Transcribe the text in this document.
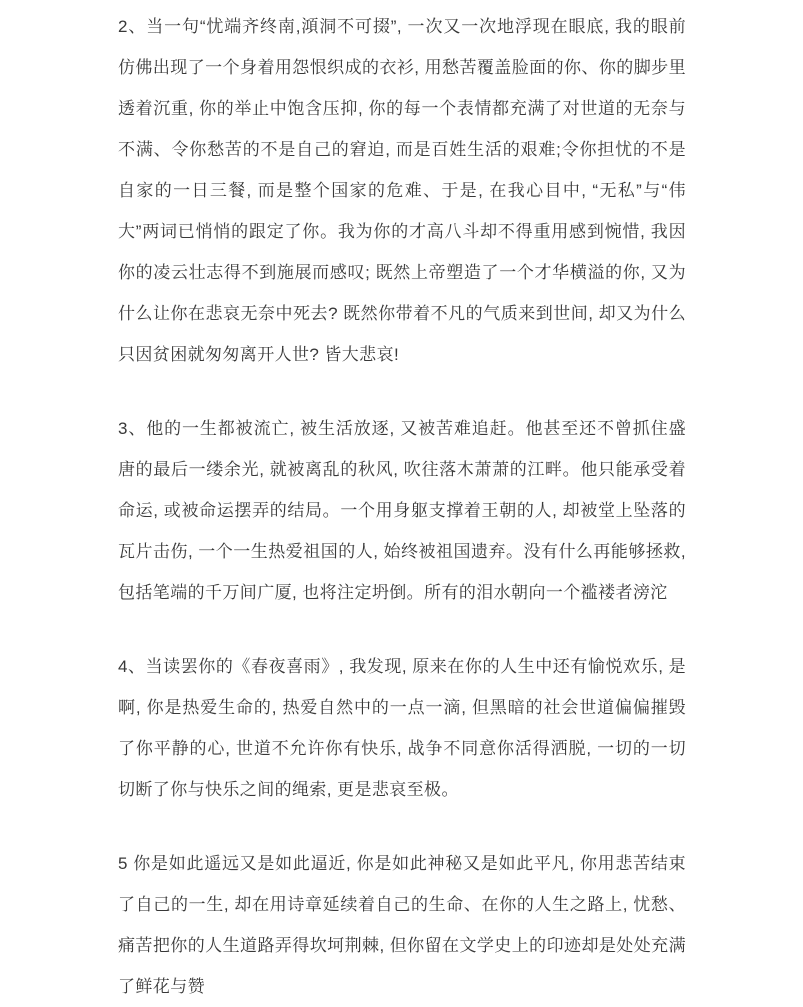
2、当一句“忧端齐终南,澒洞不可掇”, 一次又一次地浮现在眼底, 我的眼前仿佛出现了一个身着用怨恨织成的衣衫, 用愁苦覆盖脸面的你、你的脚步里透着沉重, 你的举止中饱含压抑, 你的每一个表情都充满了对世道的无奈与不满、令你愁苦的不是自己的窘迫, 而是百姓生活的艰难;令你担忧的不是自家的一日三餐, 而是整个国家的危难、于是, 在我心目中, “无私”与“伟大”两词已悄悄的跟定了你。我为你的才高八斗却不得重用感到惋惜, 我因你的凌云壮志得不到施展而感叹; 既然上帝塑造了一个才华横溢的你, 又为什么让你在悲哀无奈中死去? 既然你带着不凡的气质来到世间, 却又为什么只因贫困就匆匆离开人世? 皆大悲哀!

3、他的一生都被流亡, 被生活放逐, 又被苦难追赶。他甚至还不曾抓住盛唐的最后一缕余光, 就被离乱的秋风, 吹往落木萧萧的江畔。他只能承受着命运, 或被命运摆弄的结局。一个用身躯支撑着王朝的人, 却被堂上坠落的瓦片击伤, 一个一生热爱祖国的人, 始终被祖国遗弃。没有什么再能够拯救, 包括笔端的千万间广厦, 也将注定坍倒。所有的泪水朝向一个褴褛者滂沱

4、当读罢你的《春夜喜雨》, 我发现, 原来在你的人生中还有愉悦欢乐, 是啊, 你是热爱生命的, 热爱自然中的一点一滴, 但黑暗的社会世道偏偏摧毁了你平静的心, 世道不允许你有快乐, 战争不同意你活得洒脱, 一切的一切切断了你与快乐之间的绳索, 更是悲哀至极。

5 你是如此遥远又是如此逼近, 你是如此神秘又是如此平凡, 你用悲苦结束了自己的一生, 却在用诗章延续着自己的生命、在你的人生之路上, 忧愁、痛苦把你的人生道路弄得坎坷荆棘, 但你留在文学史上的印迹却是处处充满了鲜花与赞
